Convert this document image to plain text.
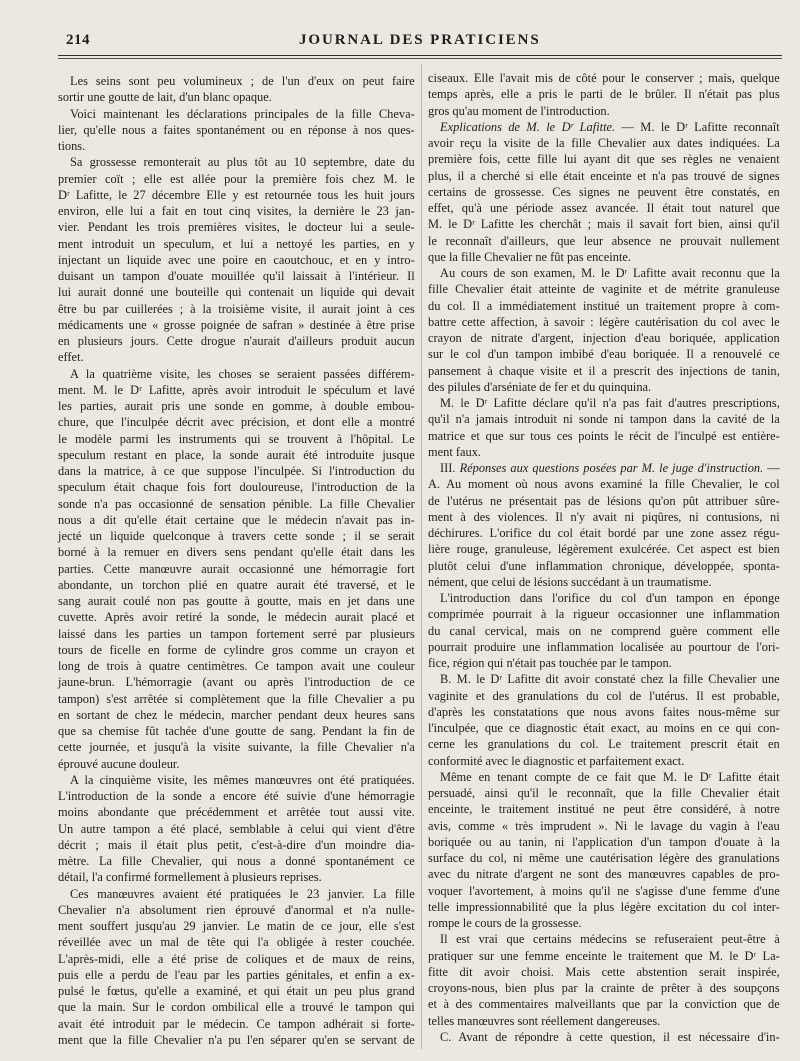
214	JOURNAL DES PRATICIENS
Les seins sont peu volumineux ; de l'un d'eux on peut faire
sortir une goutte de lait, d'un blanc opaque.
Voici maintenant les déclarations principales de la fille Cheva-
lier, qu'elle nous a faites spontanément ou en réponse à nos ques-
tions.
Sa grossesse remonterait au plus tôt au 10 septembre, date du
premier coït ; elle est allée pour la première fois chez M. le
Dʳ Lafitte, le 27 décembre Elle y est retournée tous les huit jours
environ, elle lui a fait en tout cinq visites, la dernière le 23 jan-
vier. Pendant les trois premières visites, le docteur lui a seule-
ment introduit un speculum, et lui a nettoyé les parties, en y
injectant un liquide avec une poire en caoutchouc, et en y intro-
duisant un tampon d'ouate mouillée qu'il laissait à l'intérieur. Il
lui aurait donné une bouteille qui contenait un liquide qui devait
être bu par cuillerées ; à la troisième visite, il aurait joint à ces
médicaments une « grosse poignée de safran » destinée à être prise
en plusieurs jours. Cette drogue n'aurait d'ailleurs produit aucun
effet.
A la quatrième visite, les choses se seraient passées différem-
ment. M. le Dʳ Lafitte, après avoir introduit le spéculum et lavé
les parties, aurait pris une sonde en gomme, à double embou-
chure, que l'inculpée décrit avec précision, et dont elle a montré
le modèle parmi les instruments qui se trouvent à l'hôpital. Le
speculum restant en place, la sonde aurait été introduite jusque
dans la matrice, à ce que suppose l'inculpée. Si l'introduction du
speculum était chaque fois fort douloureuse, l'introduction de la
sonde n'a pas occasionné de sensation pénible. La fille Chevalier
nous a dit qu'elle était certaine que le médecin n'avait pas in-
jecté un liquide quelconque à travers cette sonde ; il se serait
borné à la remuer en divers sens pendant qu'elle était dans les
parties. Cette manœuvre aurait occasionné une hémorragie fort
abondante, un torchon plié en quatre aurait été traversé, et le
sang aurait coulé non pas goutte à goutte, mais en jet dans une
cuvette. Après avoir retiré la sonde, le médecin aurait placé et
laissé dans les parties un tampon fortement serré par plusieurs
tours de ficelle en forme de cylindre gros comme un crayon et
long de trois à quatre centimètres. Ce tampon avait une couleur
jaune-brun. L'hémorragie (avant ou après l'introduction de ce
tampon) s'est arrêtée si complètement que la fille Chevalier a pu
en sortant de chez le médecin, marcher pendant deux heures sans
que sa chemise fût tachée d'une goutte de sang. Pendant la fin de
cette journée, et jusqu'à la visite suivante, la fille Chevalier n'a
éprouvé aucune douleur.
A la cinquième visite, les mêmes manœuvres ont été pratiquées.
L'introduction de la sonde a encore été suivie d'une hémorragie
moins abondante que précédemment et arrêtée tout aussi vite.
Un autre tampon a été placé, semblable à celui qui vient d'être
décrit ; mais il était plus petit, c'est-à-dire d'un moindre dia-
mètre. La fille Chevalier, qui nous a donné spontanément ce
détail, l'a confirmé formellement à plusieurs reprises.
Ces manœuvres avaient été pratiquées le 23 janvier. La fille
Chevalier n'a absolument rien éprouvé d'anormal et n'a nulle-
ment souffert jusqu'au 29 janvier. Le matin de ce jour, elle s'est
réveillée avec un mal de tête qui l'a obligée à rester couchée.
L'après-midi, elle a été prise de coliques et de maux de reins,
puis elle a perdu de l'eau par les parties génitales, et enfin a ex-
pulsé le fœtus, qu'elle a examiné, et qui était un peu plus grand
que la main. Sur le cordon ombilical elle a trouvé le tampon qui
avait été introduit par le médecin. Ce tampon adhérait si forte-
ment que la fille Chevalier n'a pu l'en séparer qu'en se servant de
ciseaux. Elle l'avait mis de côté pour le conserver ; mais, quelque
temps après, elle a pris le parti de le brûler. Il n'était pas plus
gros qu'au moment de l'introduction.
Explications de M. le Dʳ Lafitte. — M. le Dʳ Lafitte reconnaît
avoir reçu la visite de la fille Chevalier aux dates indiquées. La
première fois, cette fille lui ayant dit que ses règles ne venaient
plus, il a cherché si elle était enceinte et n'a pas trouvé de signes
certains de grossesse. Ces signes ne peuvent être constatés, en
effet, qu'à une période assez avancée. Il était tout naturel que
M. le Dʳ Lafitte les cherchât ; mais il savait fort bien, ainsi qu'il
le reconnaît d'ailleurs, que leur absence ne prouvait nullement
que la fille Chevalier ne fût pas enceinte.
Au cours de son examen, M. le Dʳ Lafitte avait reconnu que la
fille Chevalier était atteinte de vaginite et de métrite granuleuse
du col. Il a immédiatement institué un traitement propre à com-
battre cette affection, à savoir : légère cautérisation du col avec le
crayon de nitrate d'argent, injection d'eau boriquée, application
sur le col d'un tampon imbibé d'eau boriquée. Il a renouvelé ce
pansement à chaque visite et il a prescrit des injections de tanin,
des pilules d'arséniate de fer et du quinquina.
M. le Dʳ Lafitte déclare qu'il n'a pas fait d'autres prescriptions,
qu'il n'a jamais introduit ni sonde ni tampon dans la cavité de la
matrice et que sur tous ces points le récit de l'inculpé est entière-
ment faux.
III. Réponses aux questions posées par M. le juge d'instruction. —
A. Au moment où nous avons examiné la fille Chevalier, le col
de l'utérus ne présentait pas de lésions qu'on pût attribuer sûre-
ment à des violences. Il n'y avait ni piqûres, ni contusions, ni
déchirures. L'orifice du col était bordé par une zone assez régu-
lière rouge, granuleuse, légèrement exulcérée. Cet aspect est bien
plutôt celui d'une inflammation chronique, développée, sponta-
nément, que celui de lésions succédant à un traumatisme.
L'introduction dans l'orifice du col d'un tampon en éponge
comprimée pourrait à la rigueur occasionner une inflammation
du canal cervical, mais on ne comprend guère comment elle
pourrait produire une inflammation localisée au pourtour de l'ori-
fice, région qui n'était pas touchée par le tampon.
B. M. le Dʳ Lafitte dit avoir constaté chez la fille Chevalier une
vaginite et des granulations du col de l'utérus. Il est probable,
d'après les constatations que nous avons faites nous-même sur
l'inculpée, que ce diagnostic était exact, au moins en ce qui con-
cerne les granulations du col. Le traitement prescrit était en
conformité avec le diagnostic et parfaitement exact.
Même en tenant compte de ce fait que M. le Dʳ Lafitte était
persuadé, ainsi qu'il le reconnaît, que la fille Chevalier était
enceinte, le traitement institué ne peut être considéré, à notre
avis, comme « très imprudent ». Ni le lavage du vagin à l'eau
boriquée ou au tanin, ni l'application d'un tampon d'ouate à la
surface du col, ni même une cautérisation légère des granulations
avec du nitrate d'argent ne sont des manœuvres capables de pro-
voquer l'avortement, à moins qu'il ne s'agisse d'une femme d'une
telle impressionnabilité que la plus légère excitation du col inter-
rompe le cours de la grossesse.
Il est vrai que certains médecins se refuseraient peut-être à
pratiquer sur une femme enceinte le traitement que M. le Dʳ La-
fitte dit avoir choisi. Mais cette abstention serait inspirée,
croyons-nous, bien plus par la crainte de prêter à des soupçons
et à des commentaires malveillants que par la conviction que de
telles manœuvres sont réellement dangereuses.
C. Avant de répondre à cette question, il est nécessaire d'in-
